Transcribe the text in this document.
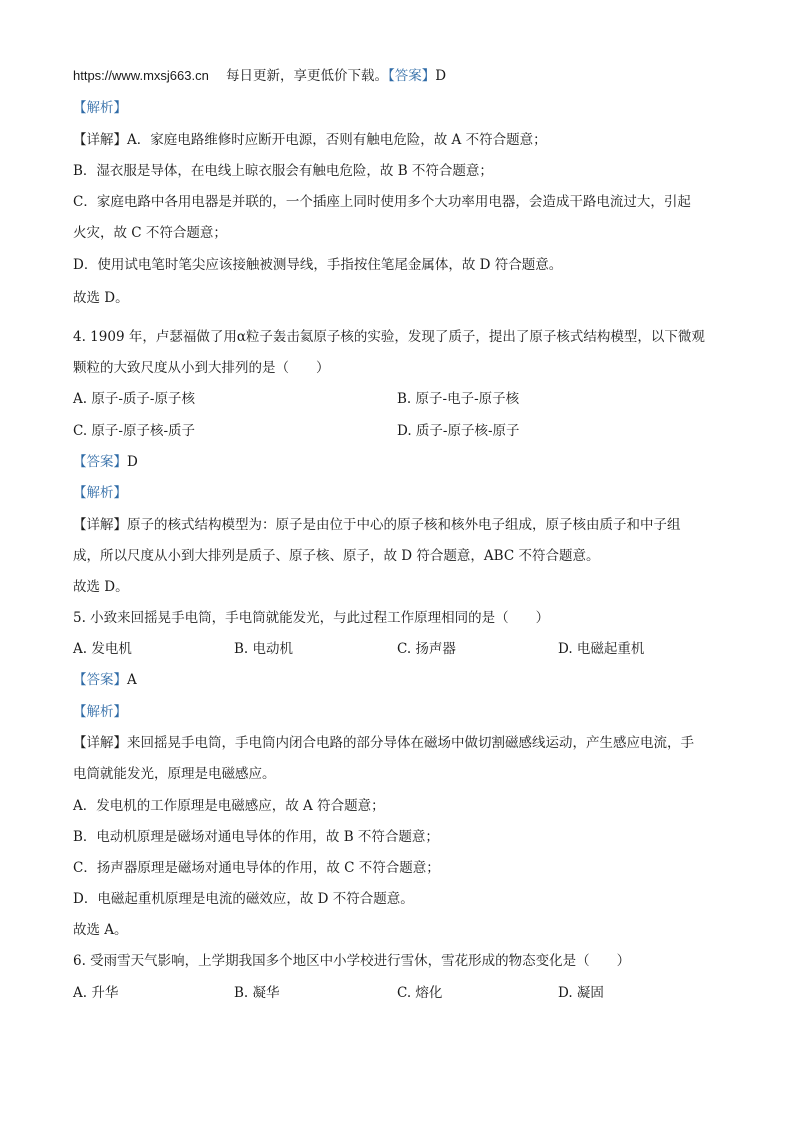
https://www.mxsj663.cn 每日更新，享更低价下载。【答案】D
【解析】
【详解】A．家庭电路维修时应断开电源，否则有触电危险，故 A 不符合题意；
B．湿衣服是导体，在电线上晾衣服会有触电危险，故 B 不符合题意；
C．家庭电路中各用电器是并联的，一个插座上同时使用多个大功率用电器，会造成干路电流过大，引起
火灾，故 C 不符合题意；
D．使用试电笔时笔尖应该接触被测导线，手指按住笔尾金属体，故 D 符合题意。
故选 D。
4. 1909 年，卢瑟福做了用α粒子轰击氦原子核的实验，发现了质子，提出了原子核式结构模型，以下微观
颗粒的大致尺度从小到大排列的是（　　）
A. 原子-质子-原子核	B. 原子-电子-原子核
C. 原子-原子核-质子	D. 质子-原子核-原子
【答案】D
【解析】
【详解】原子的核式结构模型为：原子是由位于中心的原子核和核外电子组成，原子核由质子和中子组
成，所以尺度从小到大排列是质子、原子核、原子，故 D 符合题意，ABC 不符合题意。
故选 D。
5. 小致来回摇晃手电筒，手电筒就能发光，与此过程工作原理相同的是（　　）
A. 发电机	B. 电动机	C. 扬声器	D. 电磁起重机
【答案】A
【解析】
【详解】来回摇晃手电筒，手电筒内闭合电路的部分导体在磁场中做切割磁感线运动，产生感应电流，手
电筒就能发光，原理是电磁感应。
A．发电机的工作原理是电磁感应，故 A 符合题意；
B．电动机原理是磁场对通电导体的作用，故 B 不符合题意；
C．扬声器原理是磁场对通电导体的作用，故 C 不符合题意；
D．电磁起重机原理是电流的磁效应，故 D 不符合题意。
故选 A。
6. 受雨雪天气影响，上学期我国多个地区中小学校进行雪休，雪花形成的物态变化是（　　）
A. 升华	B. 凝华	C. 熔化	D. 凝固
